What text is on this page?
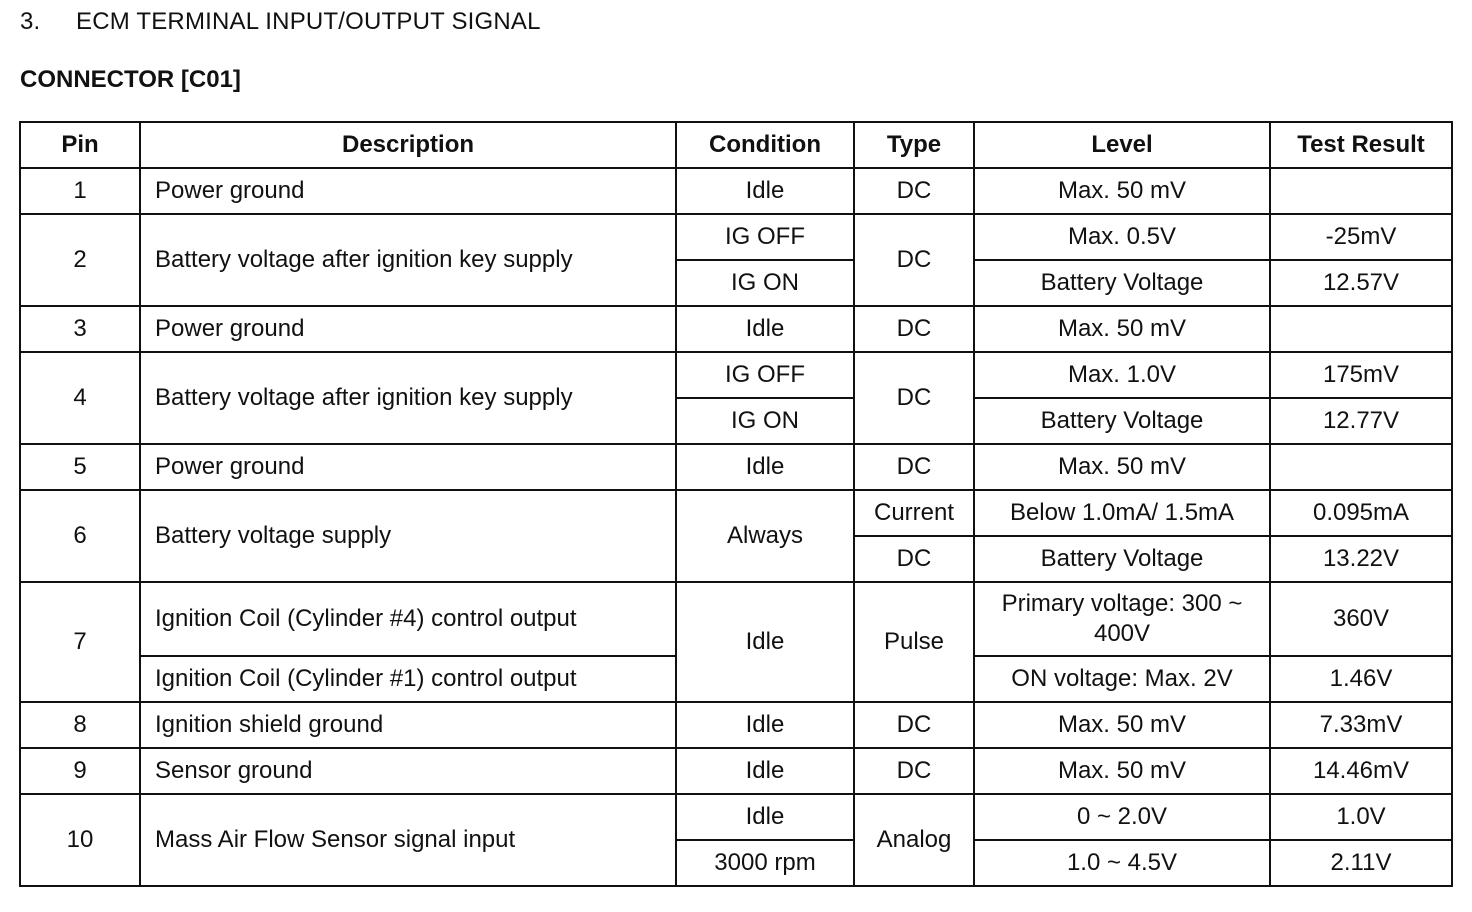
3. ECM TERMINAL INPUT/OUTPUT SIGNAL
CONNECTOR [C01]
Pin	Description	Condition	Type	Level	Test Result
1	Power ground	Idle	DC	Max. 50 mV	
2	Battery voltage after ignition key supply	IG OFF	DC	Max. 0.5V	-25mV
		IG ON		Battery Voltage	12.57V
3	Power ground	Idle	DC	Max. 50 mV	
4	Battery voltage after ignition key supply	IG OFF	DC	Max. 1.0V	175mV
		IG ON		Battery Voltage	12.77V
5	Power ground	Idle	DC	Max. 50 mV	
6	Battery voltage supply	Always	Current	Below 1.0mA/ 1.5mA	0.095mA
			DC	Battery Voltage	13.22V
7	Ignition Coil (Cylinder #4) control output	Idle	Pulse	Primary voltage: 300 ~ 400V	360V
	Ignition Coil (Cylinder #1) control output			ON voltage: Max. 2V	1.46V
8	Ignition shield ground	Idle	DC	Max. 50 mV	7.33mV
9	Sensor ground	Idle	DC	Max. 50 mV	14.46mV
10	Mass Air Flow Sensor signal input	Idle	Analog	0 ~ 2.0V	1.0V
		3000 rpm		1.0 ~ 4.5V	2.11V
